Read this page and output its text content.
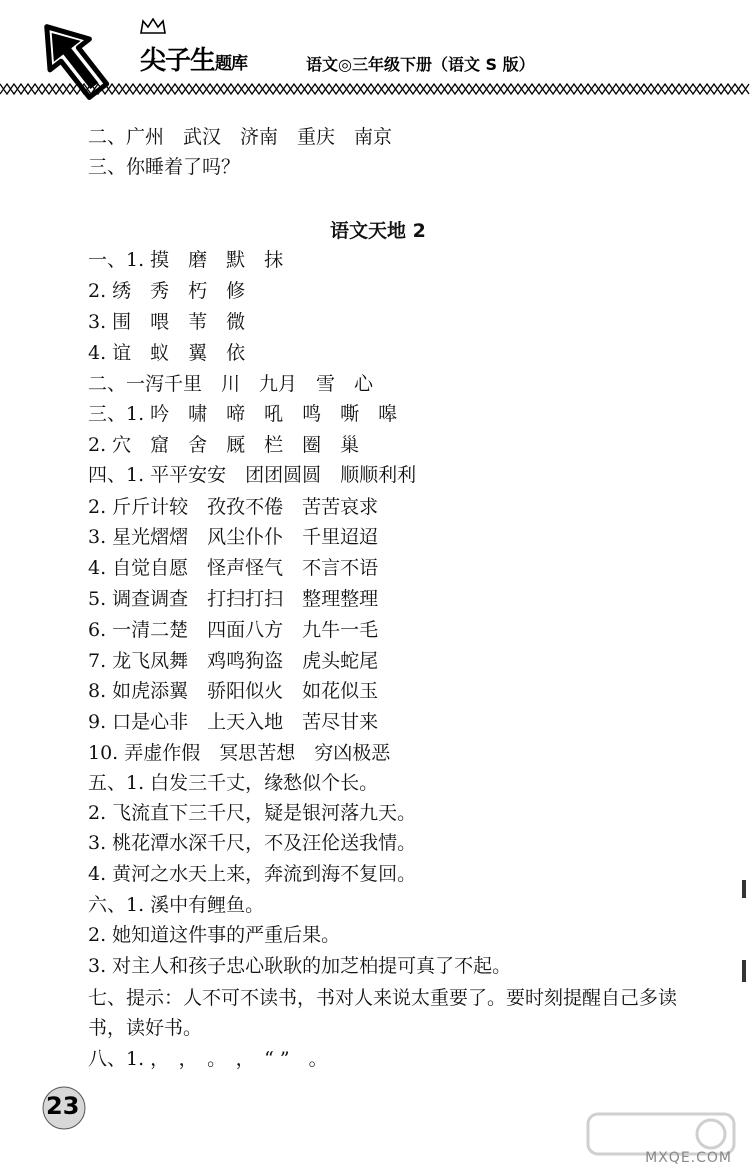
尖子生题库	语文◎三年级下册（语文 S 版）
二、广州　武汉　济南　重庆　南京
三、你睡着了吗？
语文天地 2
一、1. 摸　磨　默　抹
2. 绣　秀　朽　修
3. 围　喂　苇　微
4. 谊　蚁　翼　依
二、一泻千里　川　九月　雪　心
三、1. 吟　啸　啼　吼　鸣　嘶　嗥
2. 穴　窟　舍　厩　栏　圈　巢
四、1. 平平安安　团团圆圆　顺顺利利
2. 斤斤计较　孜孜不倦　苦苦哀求
3. 星光熠熠　风尘仆仆　千里迢迢
4. 自觉自愿　怪声怪气　不言不语
5. 调查调查　打扫打扫　整理整理
6. 一清二楚　四面八方　九牛一毛
7. 龙飞凤舞　鸡鸣狗盗　虎头蛇尾
8. 如虎添翼　骄阳似火　如花似玉
9. 口是心非　上天入地　苦尽甘来
10. 弄虚作假　冥思苦想　穷凶极恶
五、1. 白发三千丈，缘愁似个长。
2. 飞流直下三千尺，疑是银河落九天。
3. 桃花潭水深千尺，不及汪伦送我情。
4. 黄河之水天上来，奔流到海不复回。
六、1. 溪中有鲤鱼。
2. 她知道这件事的严重后果。
3. 对主人和孩子忠心耿耿的加芝柏提可真了不起。
七、提示：人不可不读书，书对人来说太重要了。要时刻提醒自己多读
书，读好书。
八、1. ，　，　。　，　“ ”　。
23
MXQE.COM
